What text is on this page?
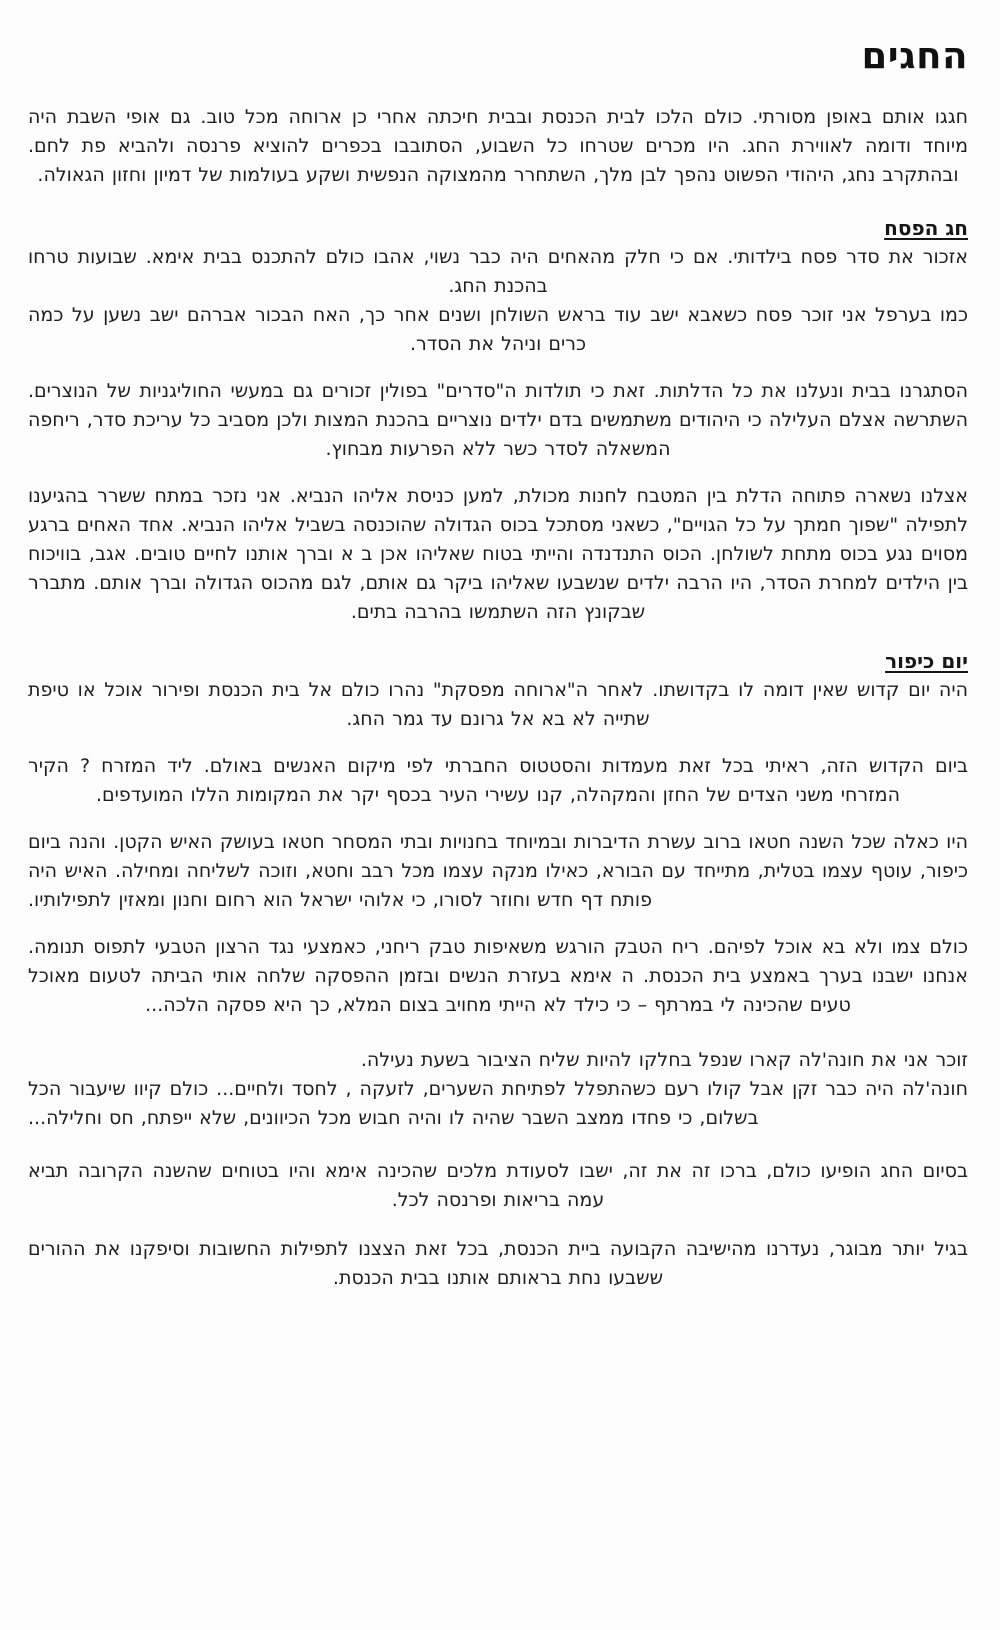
החגים

חגגו אותם באופן מסורתי. כולם הלכו לבית הכנסת ובבית חיכתה אחרי כן ארוחה מכל טוב. גם אופי השבת היה מיוחד ודומה לאווירת החג. היו מכרים שטרחו כל השבוע, הסתובבו בכפרים להוציא פרנסה ולהביא פת לחם. ובהתקרב נחג, היהודי הפשוט נהפך לבן מלך, השתחרר מהמצוקה הנפשית ושקע בעולמות של דמיון וחזון הגאולה.

חג הפסח

אזכור את סדר פסח בילדותי. אם כי חלק מהאחים היה כבר נשוי, אהבו כולם להתכנס בבית אימא. שבועות טרחו בהכנת החג.

כמו בערפל אני זוכר פסח כשאבא ישב עוד בראש השולחן ושנים אחר כך, האח הבכור אברהם ישב נשען על כמה כרים וניהל את הסדר.

הסתגרנו בבית ונעלנו את כל הדלתות. זאת כי תולדות ה"סדרים" בפולין זכורים גם במעשי החוליגניות של הנוצרים. השתרשה אצלם העלילה כי היהודים משתמשים בדם ילדים נוצריים בהכנת המצות ולכן מסביב כל עריכת סדר, ריחפה המשאלה לסדר כשר ללא הפרעות מבחוץ.

אצלנו נשארה פתוחה הדלת בין המטבח לחנות מכולת, למען כניסת אליהו הנביא. אני נזכר במתח ששרר בהגיענו לתפילה "שפוך חמתך על כל הגויים", כשאני מסתכל בכוס הגדולה שהוכנסה בשביל אליהו הנביא. אחד האחים ברגע מסוים נגע בכוס מתחת לשולחן. הכוס התנדנדה והייתי בטוח שאליהו אכן ב א וברך אותנו לחיים טובים. אגב, בוויכוח בין הילדים למחרת הסדר, היו הרבה ילדים שנשבעו שאליהו ביקר גם אותם, לגם מהכוס הגדולה וברך אותם. מתברר שבקונץ הזה השתמשו בהרבה בתים.

יום כיפור

היה יום קדוש שאין דומה לו בקדושתו. לאחר ה"ארוחה מפסקת" נהרו כולם אל בית הכנסת ופירור אוכל או טיפת שתייה לא בא אל גרונם עד גמר החג.

ביום הקדוש הזה, ראיתי בכל זאת מעמדות והסטטוס החברתי לפי מיקום האנשים באולם. ליד המזרח ? הקיר המזרחי משני הצדים של החזן והמקהלה, קנו עשירי העיר בכסף יקר את המקומות הללו המועדפים.

היו כאלה שכל השנה חטאו ברוב עשרת הדיברות ובמיוחד בחנויות ובתי המסחר חטאו בעושק האיש הקטן. והנה ביום כיפור, עוטף עצמו בטלית, מתייחד עם הבורא, כאילו מנקה עצמו מכל רבב וחטא, וזוכה לשליחה ומחילה. האיש היה פותח דף חדש וחוזר לסורו, כי אלוהי ישראל הוא רחום וחנון ומאזין לתפילותיו.

כולם צמו ולא בא אוכל לפיהם. ריח הטבק הורגש משאיפות טבק ריחני, כאמצעי נגד הרצון הטבעי לתפוס תנומה. אנחנו ישבנו בערך באמצע בית הכנסת. ה אימא בעזרת הנשים ובזמן ההפסקה שלחה אותי הביתה לטעום מאוכל טעים שהכינה לי במרתף – כי כילד לא הייתי מחויב בצום המלא, כך היא פסקה הלכה...

זוכר אני את חונה'לה קארו שנפל בחלקו להיות שליח הציבור בשעת נעילה.

חונה'לה היה כבר זקן אבל קולו רעם כשהתפלל לפתיחת השערים, לזעקה , לחסד ולחיים... כולם קיוו שיעבור הכל בשלום, כי פחדו ממצב השבר שהיה לו והיה חבוש מכל הכיוונים, שלא ייפתח, חס וחלילה...

בסיום החג הופיעו כולם, ברכו זה את זה, ישבו לסעודת מלכים שהכינה אימא והיו בטוחים שהשנה הקרובה תביא עמה בריאות ופרנסה לכל.

בגיל יותר מבוגר, נעדרנו מהישיבה הקבועה ביית הכנסת, בכל זאת הצצנו לתפילות החשובות וסיפקנו את ההורים ששבעו נחת בראותם אותנו בבית הכנסת.
